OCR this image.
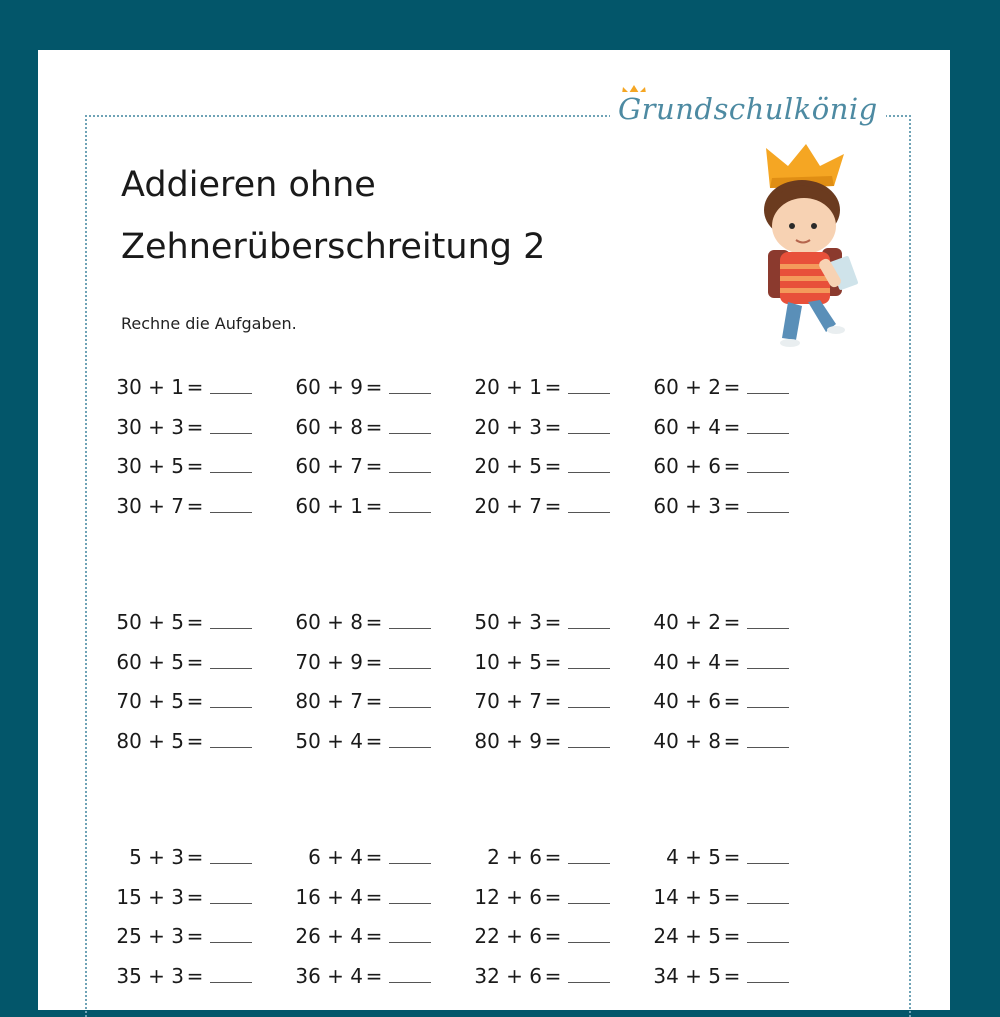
Grundschulkönig
Addieren ohne
Zehnerüberschreitung 2
Rechne die Aufgaben.
30 + 1 =
30 + 3 =
30 + 5 =
30 + 7 =
60 + 9 =
60 + 8 =
60 + 7 =
60 + 1 =
20 + 1 =
20 + 3 =
20 + 5 =
20 + 7 =
60 + 2 =
60 + 4 =
60 + 6 =
60 + 3 =
50 + 5 =
60 + 5 =
70 + 5 =
80 + 5 =
60 + 8 =
70 + 9 =
80 + 7 =
50 + 4 =
50 + 3 =
10 + 5 =
70 + 7 =
80 + 9 =
40 + 2 =
40 + 4 =
40 + 6 =
40 + 8 =
5 + 3 =
15 + 3 =
25 + 3 =
35 + 3 =
6 + 4 =
16 + 4 =
26 + 4 =
36 + 4 =
2 + 6 =
12 + 6 =
22 + 6 =
32 + 6 =
4 + 5 =
14 + 5 =
24 + 5 =
34 + 5 =
